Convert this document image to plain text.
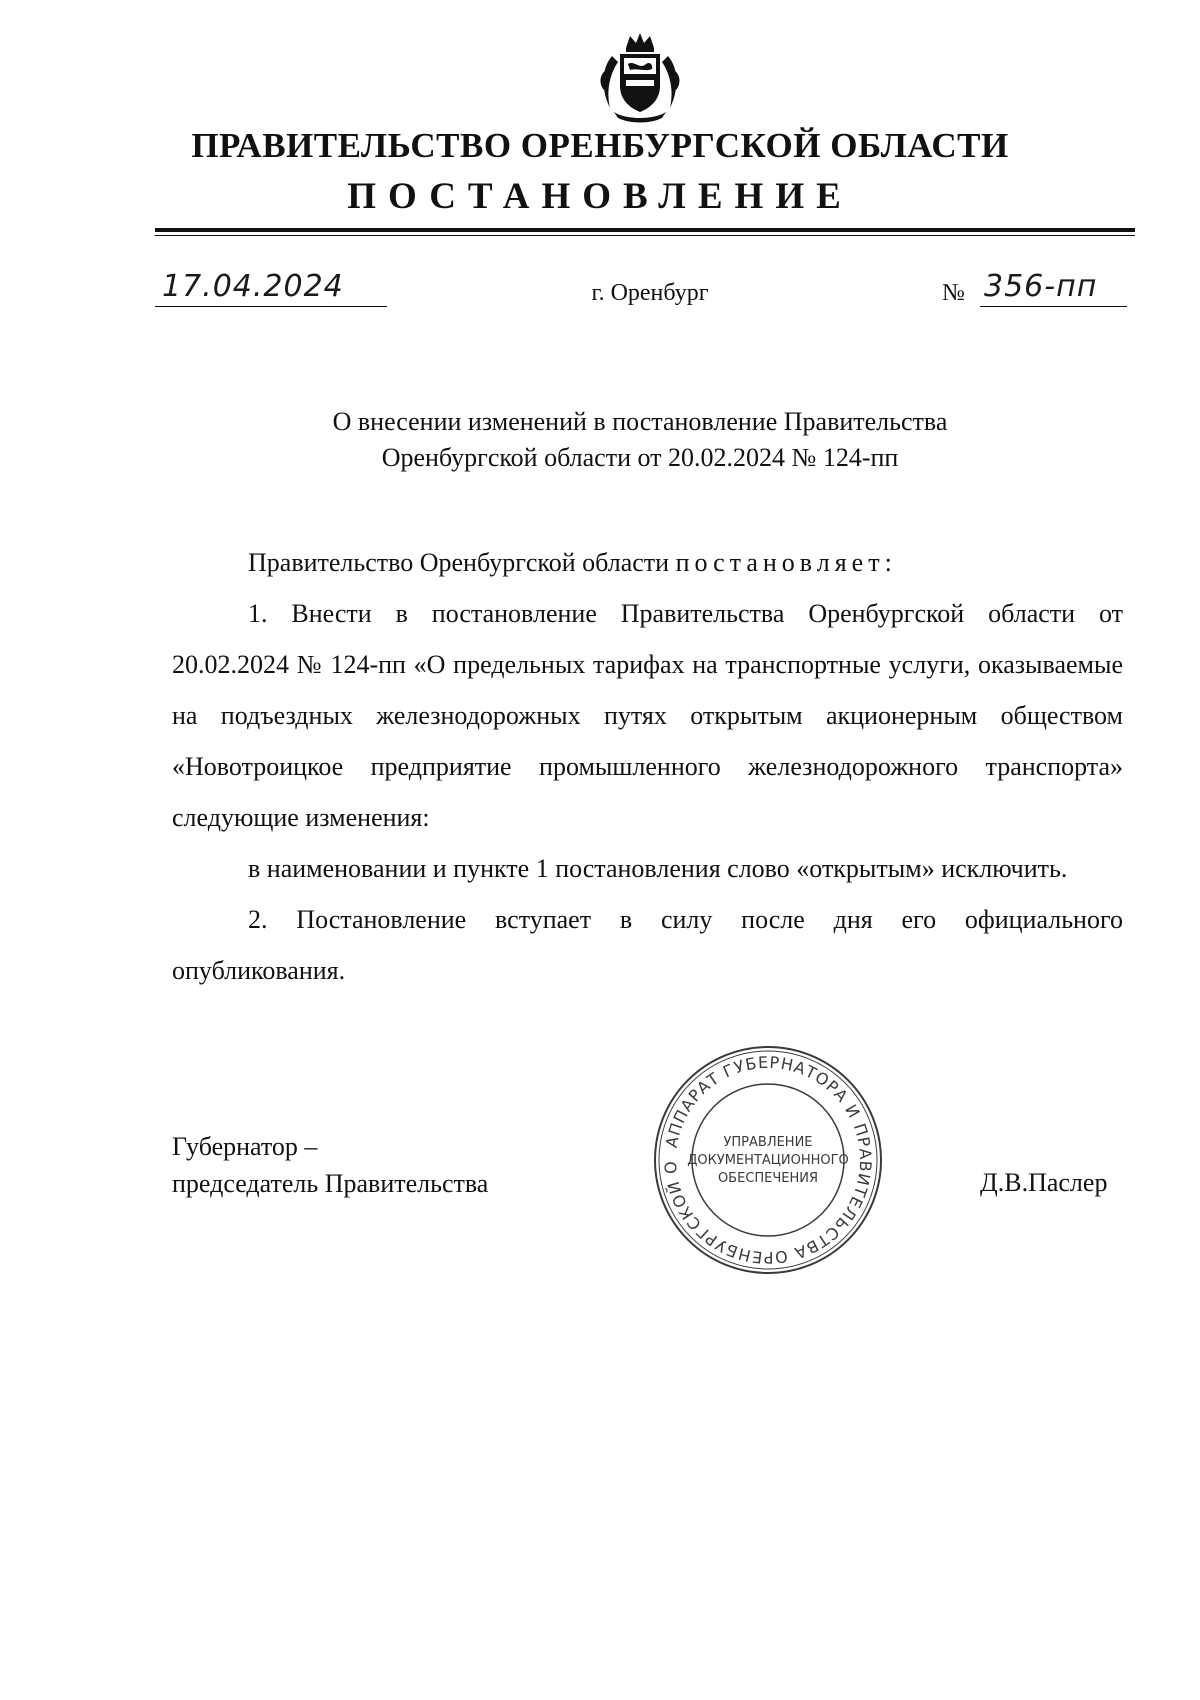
ПРАВИТЕЛЬСТВО ОРЕНБУРГСКОЙ ОБЛАСТИ
ПОСТАНОВЛЕНИЕ
17.04.2024	г. Оренбург	№ 356-пп
О внесении изменений в постановление Правительства
Оренбургской области от 20.02.2024 № 124-пп

Правительство Оренбургской области постановляет:

1. Внести в постановление Правительства Оренбургской области от 20.02.2024 № 124-пп «О предельных тарифах на транспортные услуги, оказываемые на подъездных железнодорожных путях открытым акционерным обществом «Новотроицкое предприятие промышленного железнодорожного транспорта» следующие изменения:

в наименовании и пункте 1 постановления слово «открытым» исключить.

2. Постановление вступает в силу после дня его официального опубликования.

Губернатор –
председатель Правительства	Д.В.Паслер
АППАРАТ ГУБЕРНАТОРА И ПРАВИТЕЛЬСТВА ОРЕНБУРГСКОЙ О
УПРАВЛЕНИЕ
ДОКУМЕНТАЦИОННОГО
ОБЕСПЕЧЕНИЯ
